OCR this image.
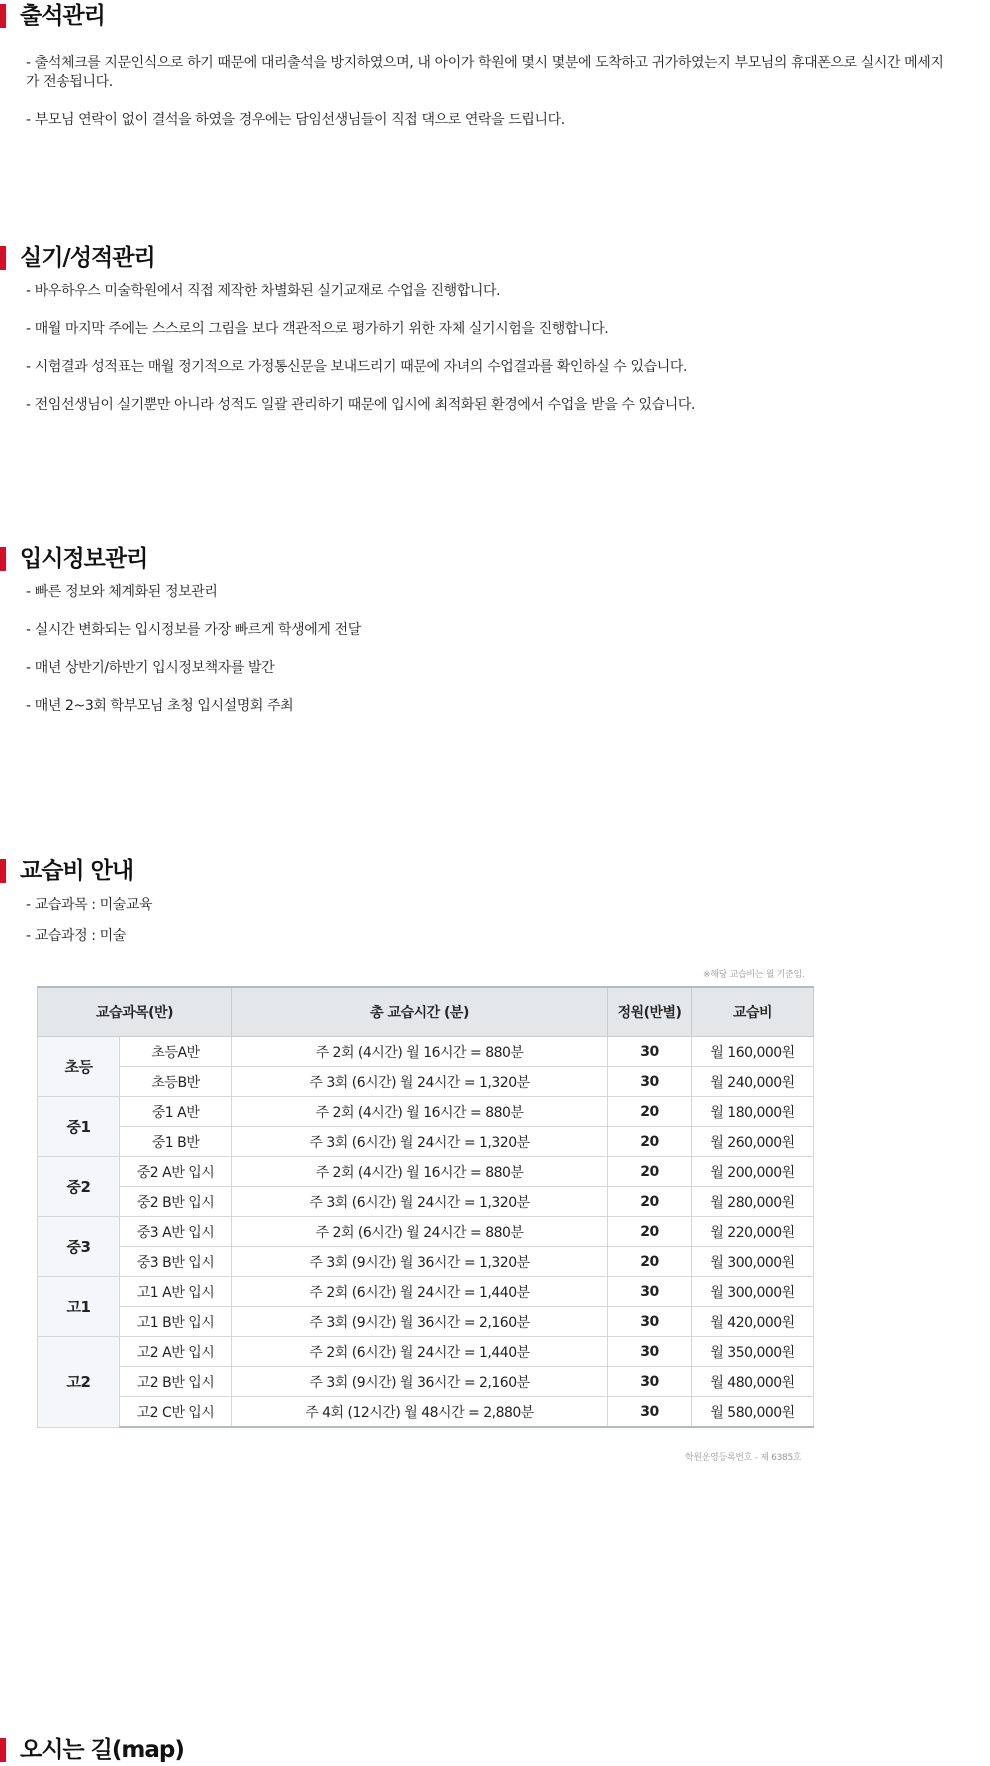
출석관리
- 출석체크를 지문인식으로 하기 때문에 대리출석을 방지하였으며, 내 아이가 학원에 몇시 몇분에 도착하고 귀가하였는지 부모님의 휴대폰으로 실시간 메세지가 전송됩니다.
- 부모님 연락이 없이 결석을 하였을 경우에는 담임선생님들이 직접 댁으로 연락을 드립니다.
실기/성적관리
- 바우하우스 미술학원에서 직접 제작한 차별화된 실기교재로 수업을 진행합니다.
- 매월 마지막 주에는 스스로의 그림을 보다 객관적으로 평가하기 위한 자체 실기시험을 진행합니다.
- 시험결과 성적표는 매월 정기적으로 가정통신문을 보내드리기 때문에 자녀의 수업결과를 확인하실 수 있습니다.
- 전임선생님이 실기뿐만 아니라 성적도 일괄 관리하기 때문에 입시에 최적화된 환경에서 수업을 받을 수 있습니다.
입시정보관리
- 빠른 정보와 체계화된 정보관리
- 실시간 변화되는 입시정보를 가장 빠르게 학생에게 전달
- 매년 상반기/하반기 입시정보책자를 발간
- 매년 2~3회 학부모님 초청 입시설명회 주최
교습비 안내
- 교습과목 : 미술교육
- 교습과정 : 미술
※해당 교습비는 월 기준임.
교습과목(반)		총 교습시간 (분)	정원(반별)	교습비
초등	초등A반	주 2회 (4시간) 월 16시간 = 880분	30	월 160,000원
	초등B반	주 3회 (6시간) 월 24시간 = 1,320분	30	월 240,000원
중1	중1 A반	주 2회 (4시간) 월 16시간 = 880분	20	월 180,000원
	중1 B반	주 3회 (6시간) 월 24시간 = 1,320분	20	월 260,000원
중2	중2 A반 입시	주 2회 (4시간) 월 16시간 = 880분	20	월 200,000원
	중2 B반 입시	주 3회 (6시간) 월 24시간 = 1,320분	20	월 280,000원
중3	중3 A반 입시	주 2회 (6시간) 월 24시간 = 880분	20	월 220,000원
	중3 B반 입시	주 3회 (9시간) 월 36시간 = 1,320분	20	월 300,000원
고1	고1 A반 입시	주 2회 (6시간) 월 24시간 = 1,440분	30	월 300,000원
	고1 B반 입시	주 3회 (9시간) 월 36시간 = 2,160분	30	월 420,000원
고2	고2 A반 입시	주 2회 (6시간) 월 24시간 = 1,440분	30	월 350,000원
	고2 B반 입시	주 3회 (9시간) 월 36시간 = 2,160분	30	월 480,000원
	고2 C반 입시	주 4회 (12시간) 월 48시간 = 2,880분	30	월 580,000원
학원운영등록번호 - 제 6385호
오시는 길(map)
